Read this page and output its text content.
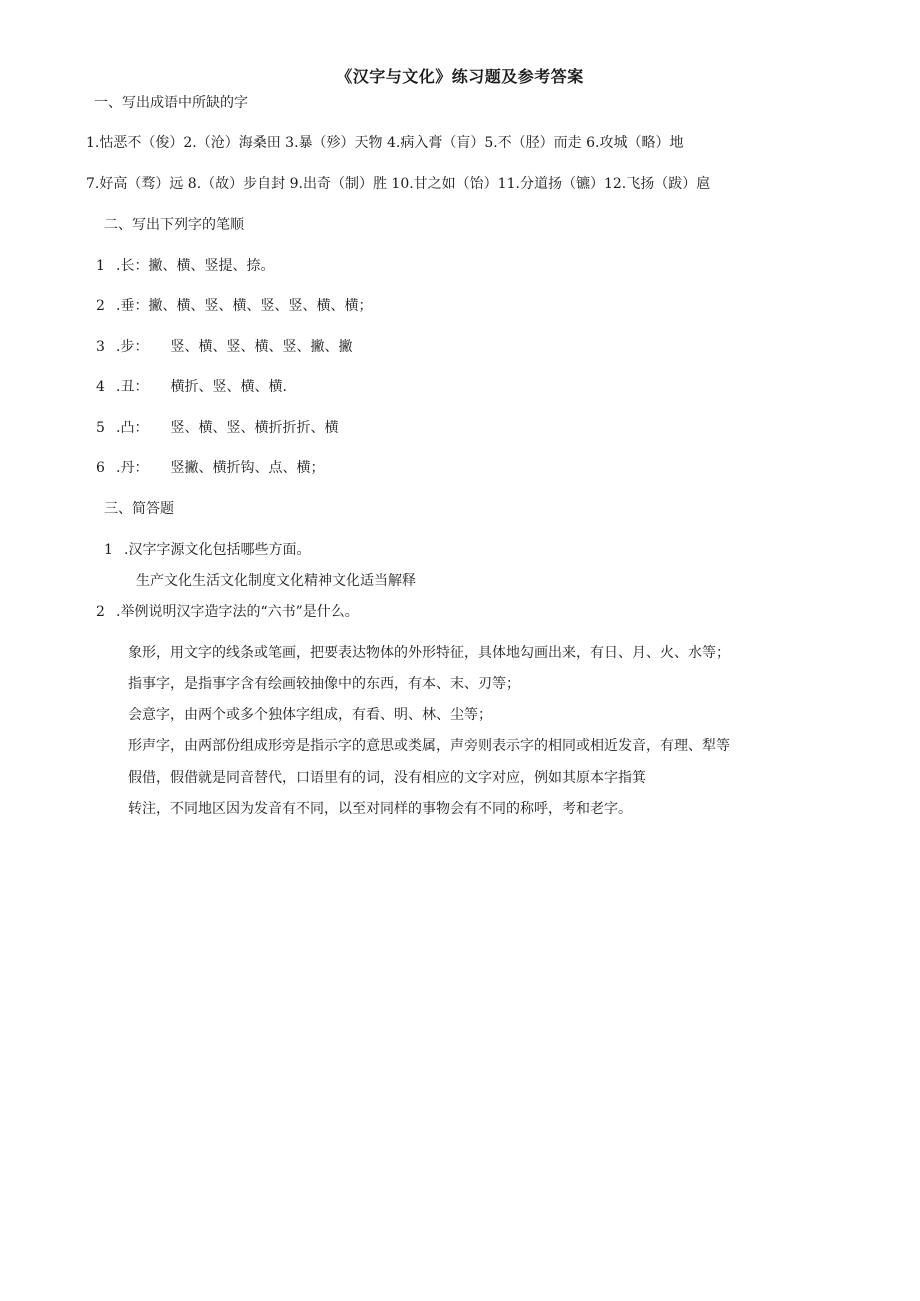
《汉字与文化》练习题及参考答案
一、写出成语中所缺的字
1.怙恶不（俊）2.（沧）海桑田 3.暴（殄）天物 4.病入膏（肓）5.不（胫）而走 6.攻城（略）地
7.好高（骛）远 8.（故）步自封 9.出奇（制）胜 10.甘之如（饴）11.分道扬（镳）12.飞扬（跋）扈
二、写出下列字的笔顺
1 .长：撇、横、竖提、捺。
2 .垂：撇、横、竖、横、竖、竖、横、横；
3 .步： 竖、横、竖、横、竖、撇、撇
4 .丑： 横折、竖、横、横.
5 .凸： 竖、横、竖、横折折折、横
6 .丹： 竖撇、横折钩、点、横；
三、简答题
1 .汉字字源文化包括哪些方面。
生产文化生活文化制度文化精神文化适当解释
2 .举例说明汉字造字法的“六书”是什么。
象形，用文字的线条或笔画，把要表达物体的外形特征，具体地勾画出来，有日、月、火、水等；
指事字，是指事字含有绘画较抽像中的东西，有本、末、刃等；
会意字，由两个或多个独体字组成，有看、明、林、尘等；
形声字，由两部份组成形旁是指示字的意思或类属，声旁则表示字的相同或相近发音，有理、犁等
假借，假借就是同音替代，口语里有的词，没有相应的文字对应，例如其原本字指箕
转注，不同地区因为发音有不同，以至对同样的事物会有不同的称呼，考和老字。
